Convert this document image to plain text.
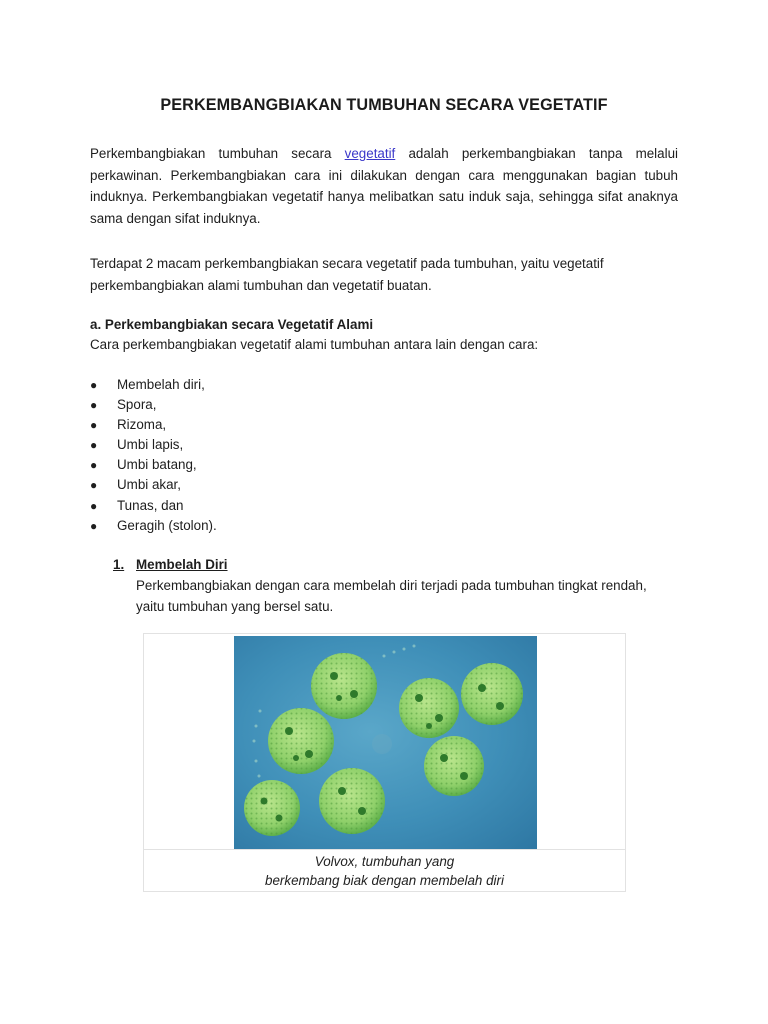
PERKEMBANGBIAKAN TUMBUHAN SECARA VEGETATIF
Perkembangbiakan tumbuhan secara vegetatif adalah perkembangbiakan tanpa melalui perkawinan. Perkembangbiakan cara ini dilakukan dengan cara menggunakan bagian tubuh induknya. Perkembangbiakan vegetatif hanya melibatkan satu induk saja, sehingga sifat anaknya sama dengan sifat induknya.
Terdapat 2 macam perkembangbiakan secara vegetatif pada tumbuhan, yaitu vegetatif
perkembangbiakan alami tumbuhan dan vegetatif buatan.
a. Perkembangbiakan secara Vegetatif Alami
Cara perkembangbiakan vegetatif alami tumbuhan antara lain dengan cara:
●	Membelah diri,
●	Spora,
●	Rizoma,
●	Umbi lapis,
●	Umbi batang,
●	Umbi akar,
●	Tunas, dan
●	Geragih (stolon).
1. Membelah Diri
Perkembangbiakan dengan cara membelah diri terjadi pada tumbuhan tingkat rendah,
yaitu tumbuhan yang bersel satu.
Volvox, tumbuhan yang
berkembang biak dengan membelah diri
